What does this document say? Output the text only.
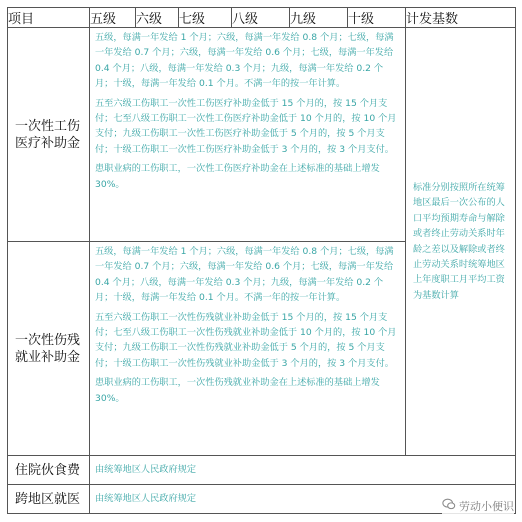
项目	五级	六级	七级	八级	九级	十级	计发基数
一次性工伤医疗补助金	五级，每满一年发给 1 个月；六级，每满一年发给 0.8 个月；七级，每满一年发给 0.7 个月；六级，每满一年发给 0.6 个月；七级，每满一年发给 0.4 个月；八级，每满一年发给 0.3 个月；九级，每满一年发给 0.2 个月；十级，每满一年发给 0.1 个月。不满一年的按一年计算。

五至六级工伤职工一次性工伤医疗补助金低于 15 个月的，按 15 个月支付；七至八级工伤职工一次性工伤医疗补助金低于 10 个月的，按 10 个月支付；九级工伤职工一次性工伤医疗补助金低于 5 个月的，按 5 个月支付；十级工伤职工一次性工伤医疗补助金低于 3 个月的，按 3 个月支付。

患职业病的工伤职工，一次性工伤医疗补助金在上述标准的基础上增发 30%。						标准分别按照所在统筹地区最后一次公布的人口平均预期寿命与解除或者终止劳动关系时年龄之差以及解除或者终止劳动关系时统筹地区上年度职工月平均工资为基数计算
一次性伤残就业补助金	五级，每满一年发给 1 个月；六级，每满一年发给 0.8 个月；七级，每满一年发给 0.7 个月；六级，每满一年发给 0.6 个月；七级，每满一年发给 0.4 个月；八级，每满一年发给 0.3 个月；九级，每满一年发给 0.2 个月；十级，每满一年发给 0.1 个月。不满一年的按一年计算。

五至六级工伤职工一次性伤残就业补助金低于 15 个月的，按 15 个月支付；七至八级工伤职工一次性伤残就业补助金低于 10 个月的，按 10 个月支付；九级工伤职工一次性伤残就业补助金低于 5 个月的，按 5 个月支付；十级工伤职工一次性伤残就业补助金低于 3 个月的，按 3 个月支付。

患职业病的工伤职工，一次性伤残就业补助金在上述标准的基础上增发 30%。						

住院伙食费	由统筹地区人民政府规定						
跨地区就医	由统筹地区人民政府规定						
劳动小便识
